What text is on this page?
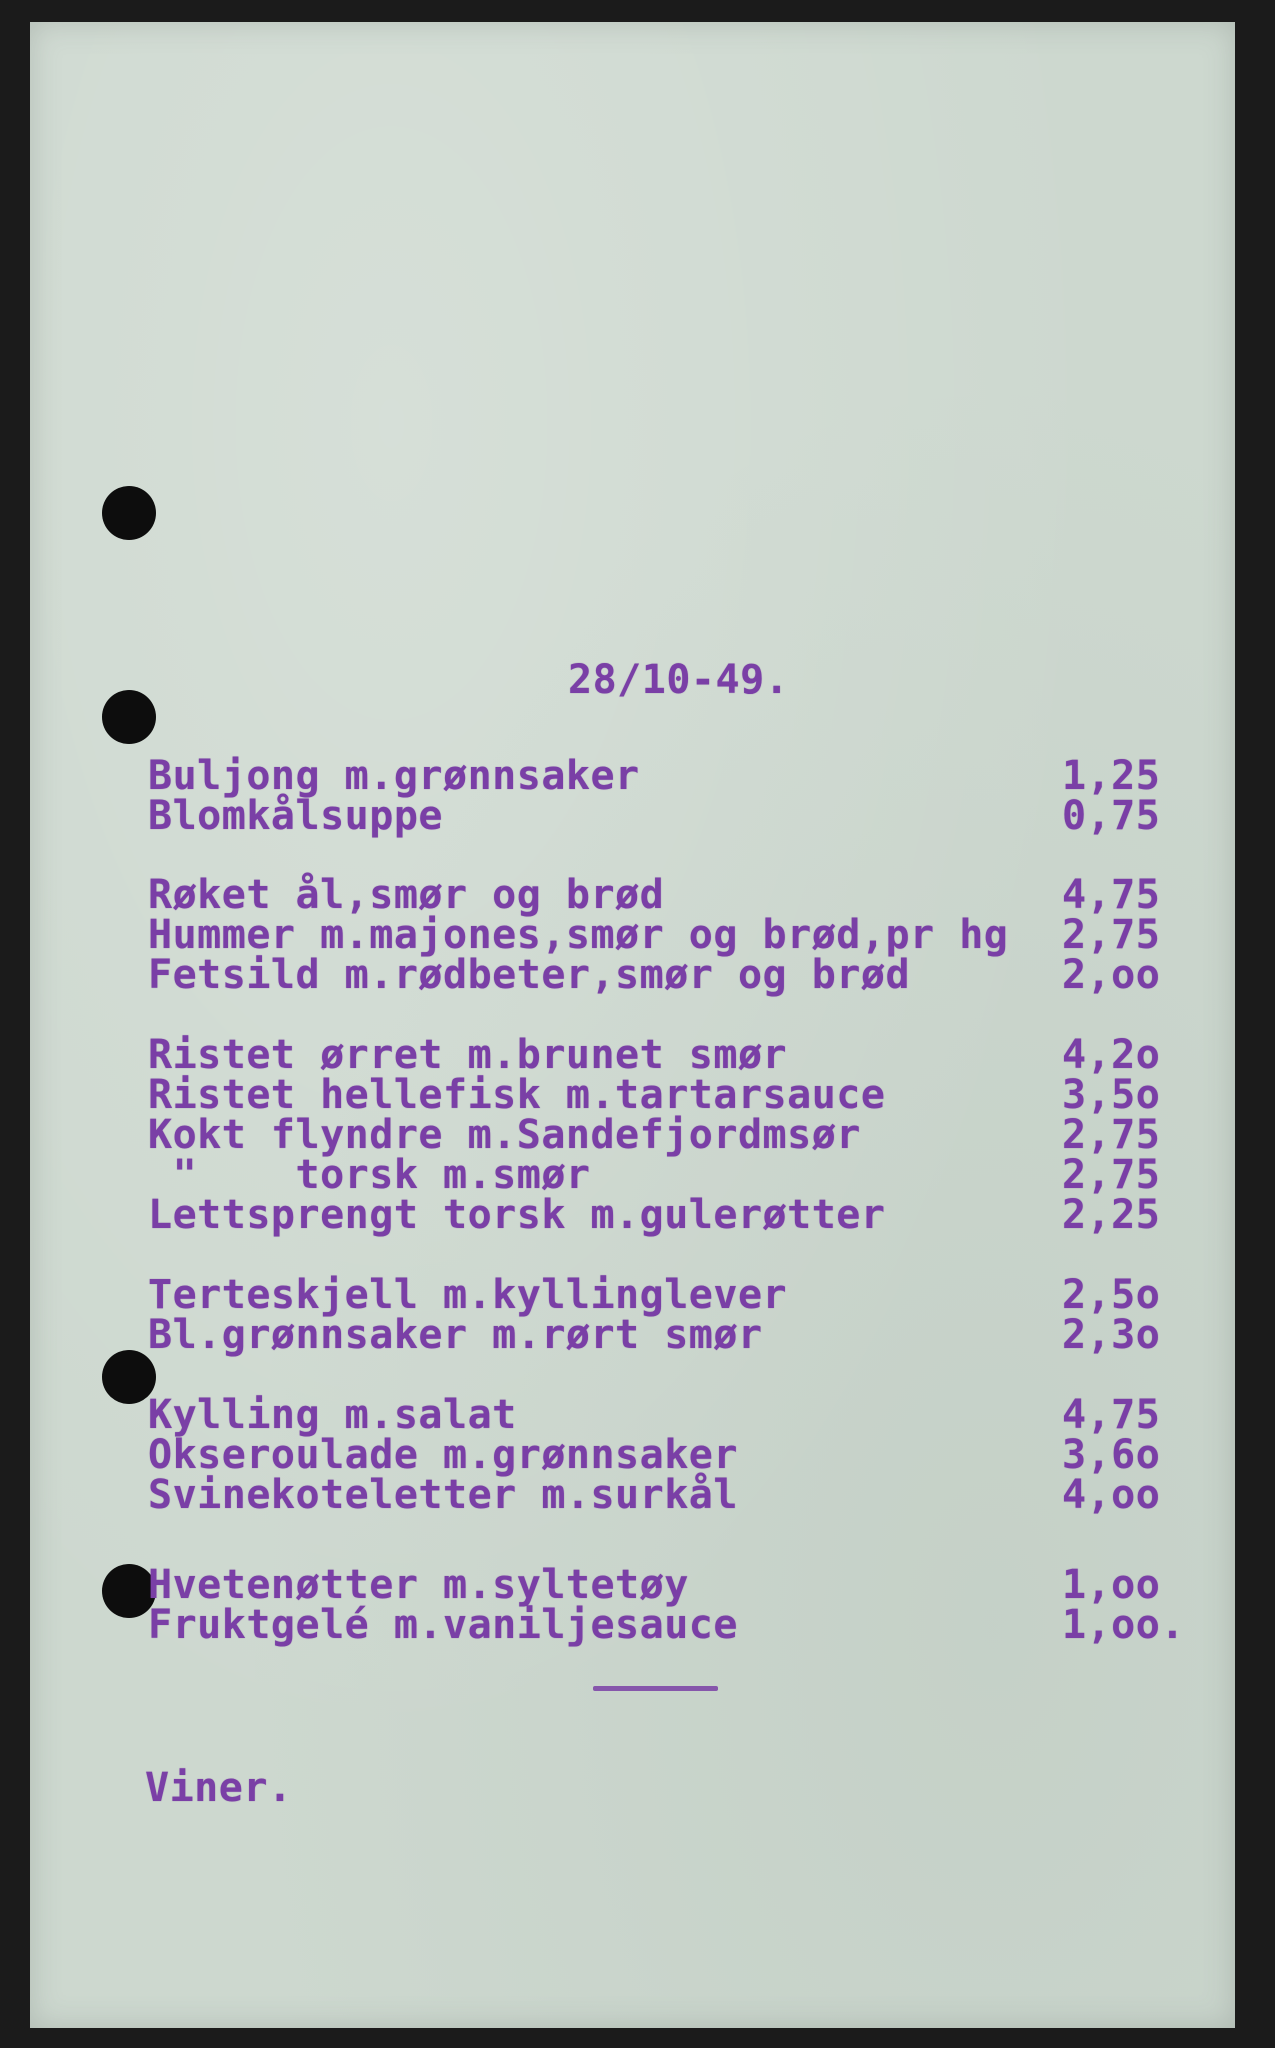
28/10-49.
Buljong m.grønnsaker	1,25
Blomkålsuppe	0,75
Røket ål,smør og brød	4,75
Hummer m.majones,smør og brød,pr hg 2,75
Fetsild m.rødbeter,smør og brød	2,oo
Ristet ørret m.brunet smør	4,2o
Ristet hellefisk m.tartarsauce	3,5o
Kokt flyndre m.Sandefjordmsør	2,75
"    torsk m.smør	2,75
Lettsprengt torsk m.gulerøtter	2,25
Terteskjell m.kyllinglever	2,5o
Bl.grønnsaker m.rørt smør	2,3o
Kylling m.salat	4,75
Okseroulade m.grønnsaker	3,6o
Svinekoteletter m.surkål	4,oo
Hvetenøtter m.syltetøy	1,oo
Fruktgelé m.vaniljesauce	1,oo.
Viner.
